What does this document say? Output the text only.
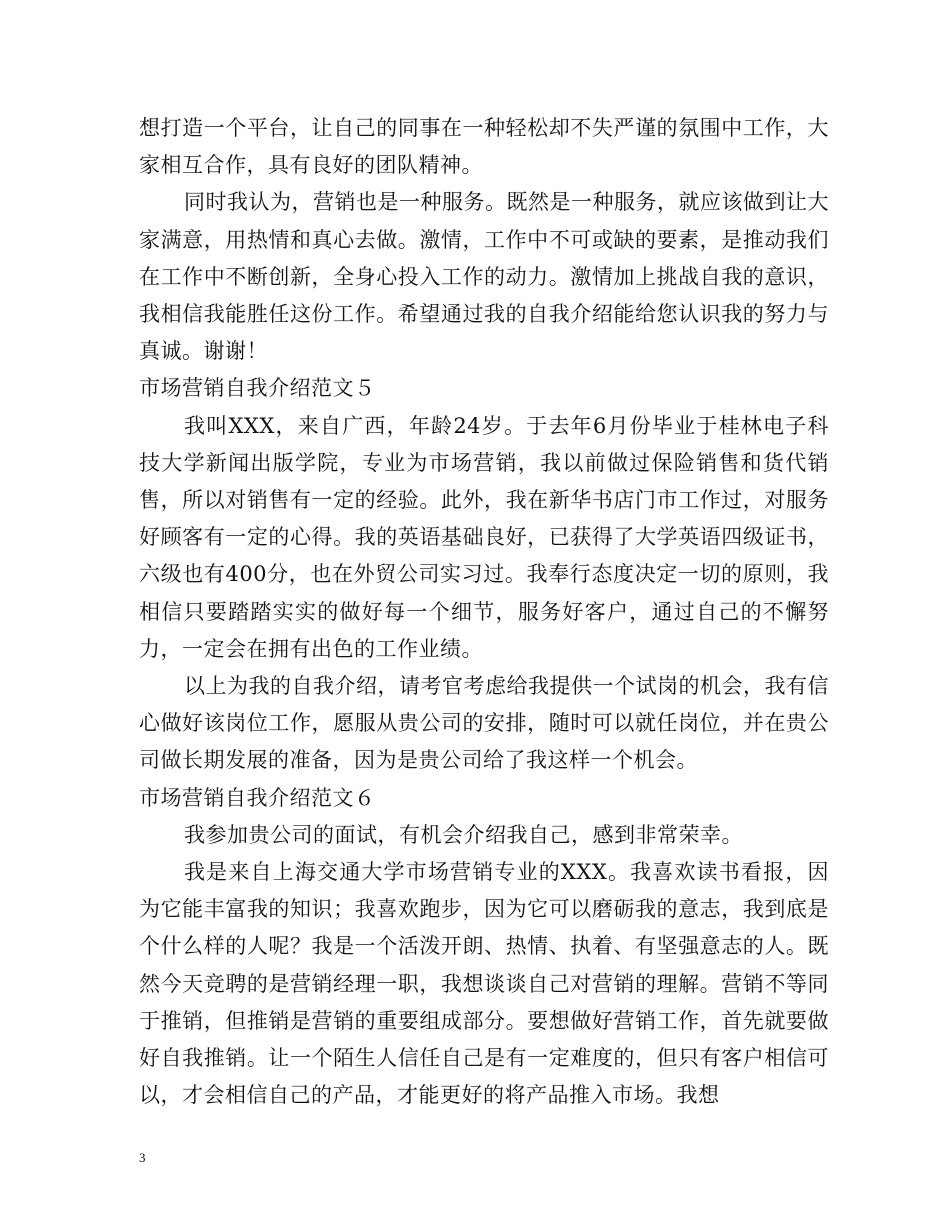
想打造一个平台，让自己的同事在一种轻松却不失严谨的氛围中工作，大家相互合作，具有良好的团队精神。

同时我认为，营销也是一种服务。既然是一种服务，就应该做到让大家满意，用热情和真心去做。激情，工作中不可或缺的要素，是推动我们在工作中不断创新，全身心投入工作的动力。激情加上挑战自我的意识，我相信我能胜任这份工作。希望通过我的自我介绍能给您认识我的努力与真诚。谢谢！

市场营销自我介绍范文５

我叫XXX，来自广西，年龄24岁。于去年6月份毕业于桂林电子科技大学新闻出版学院，专业为市场营销，我以前做过保险销售和货代销售，所以对销售有一定的经验。此外，我在新华书店门市工作过，对服务好顾客有一定的心得。我的英语基础良好，已获得了大学英语四级证书，六级也有400分，也在外贸公司实习过。我奉行态度决定一切的原则，我相信只要踏踏实实的做好每一个细节，服务好客户，通过自己的不懈努力，一定会在拥有出色的工作业绩。

以上为我的自我介绍，请考官考虑给我提供一个试岗的机会，我有信心做好该岗位工作，愿服从贵公司的安排，随时可以就任岗位，并在贵公司做长期发展的准备，因为是贵公司给了我这样一个机会。

市场营销自我介绍范文６

我参加贵公司的面试，有机会介绍我自己，感到非常荣幸。

我是来自上海交通大学市场营销专业的XXX。我喜欢读书看报，因为它能丰富我的知识；我喜欢跑步，因为它可以磨砺我的意志，我到底是个什么样的人呢？我是一个活泼开朗、热情、执着、有坚强意志的人。既然今天竞聘的是营销经理一职，我想谈谈自己对营销的理解。营销不等同于推销，但推销是营销的重要组成部分。要想做好营销工作，首先就要做好自我推销。让一个陌生人信任自己是有一定难度的，但只有客户相信可以，才会相信自己的产品，才能更好的将产品推入市场。我想

3
